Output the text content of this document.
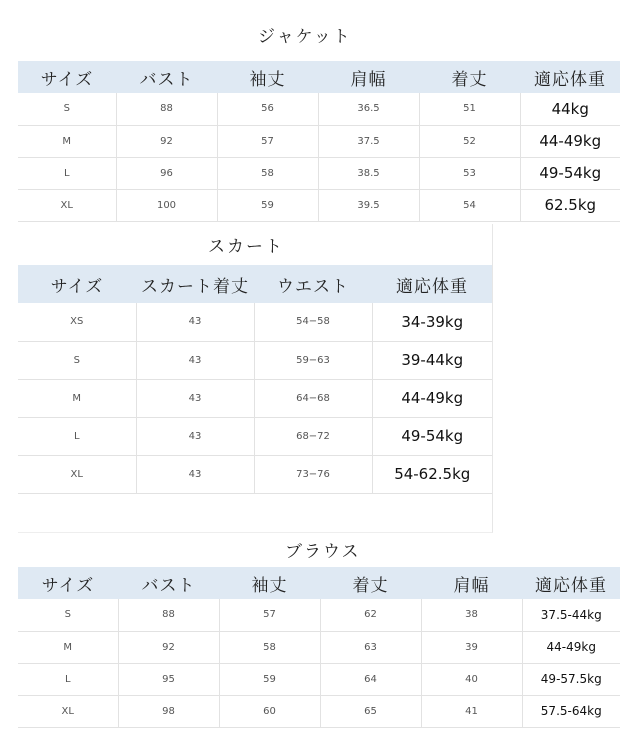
ジャケット
サイズ	バスト	袖丈	肩幅	着丈	適応体重
S	88	56	36.5	51	44kg
M	92	57	37.5	52	44-49kg
L	96	58	38.5	53	49-54kg
XL	100	59	39.5	54	62.5kg
スカート
サイズ	スカート着丈	ウエスト	適応体重
XS	43	54−58	34-39kg
S	43	59−63	39-44kg
M	43	64−68	44-49kg
L	43	68−72	49-54kg
XL	43	73−76	54-62.5kg
ブラウス
サイズ	バスト	袖丈	着丈	肩幅	適応体重
S	88	57	62	38	37.5-44kg
M	92	58	63	39	44-49kg
L	95	59	64	40	49-57.5kg
XL	98	60	65	41	57.5-64kg
